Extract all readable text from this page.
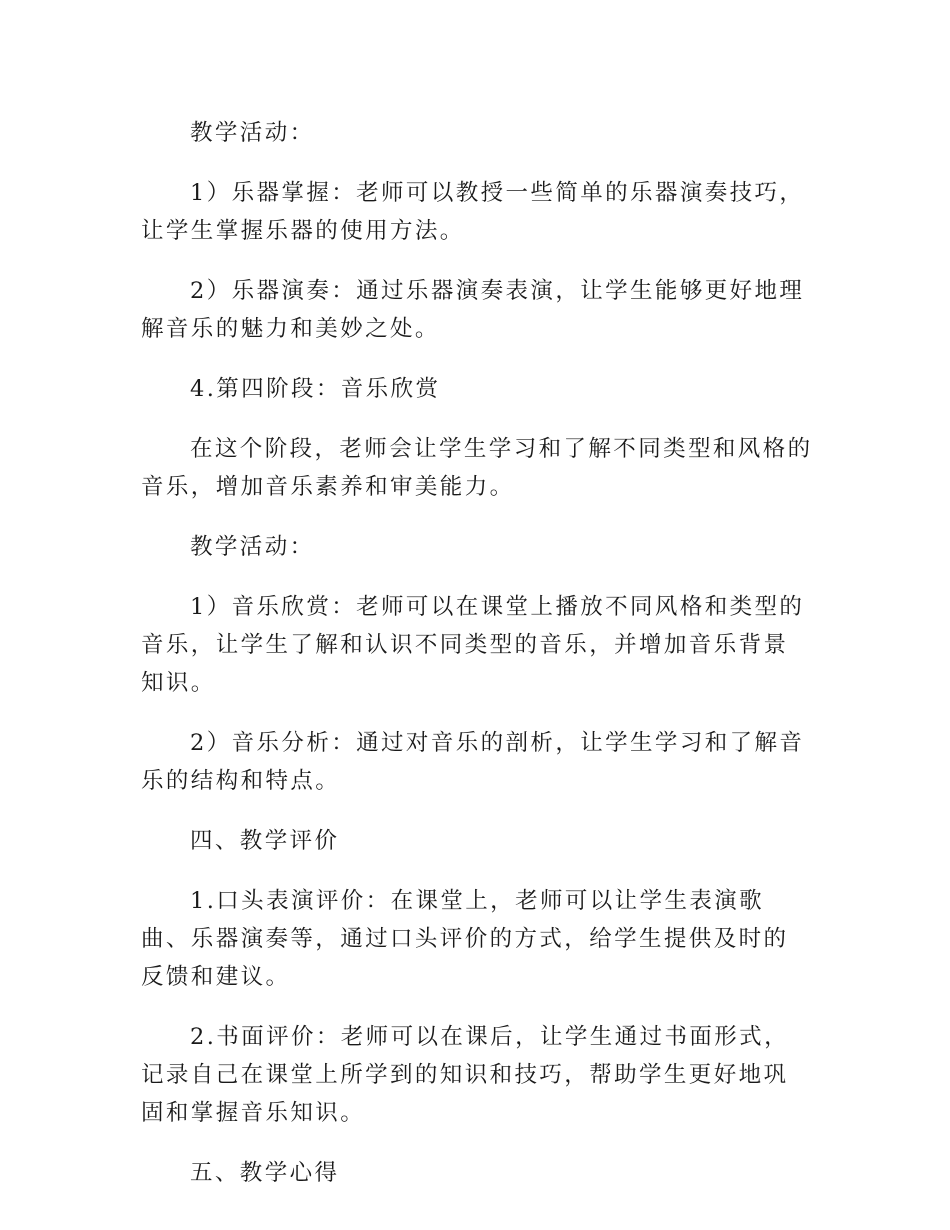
教学活动：

1）乐器掌握：老师可以教授一些简单的乐器演奏技巧，让学生掌握乐器的使用方法。

2）乐器演奏：通过乐器演奏表演，让学生能够更好地理解音乐的魅力和美妙之处。

4.第四阶段：音乐欣赏

在这个阶段，老师会让学生学习和了解不同类型和风格的音乐，增加音乐素养和审美能力。

教学活动：

1）音乐欣赏：老师可以在课堂上播放不同风格和类型的音乐，让学生了解和认识不同类型的音乐，并增加音乐背景知识。

2）音乐分析：通过对音乐的剖析，让学生学习和了解音乐的结构和特点。

四、教学评价

1.口头表演评价：在课堂上，老师可以让学生表演歌曲、乐器演奏等，通过口头评价的方式，给学生提供及时的反馈和建议。

2.书面评价：老师可以在课后，让学生通过书面形式，记录自己在课堂上所学到的知识和技巧，帮助学生更好地巩固和掌握音乐知识。

五、教学心得
